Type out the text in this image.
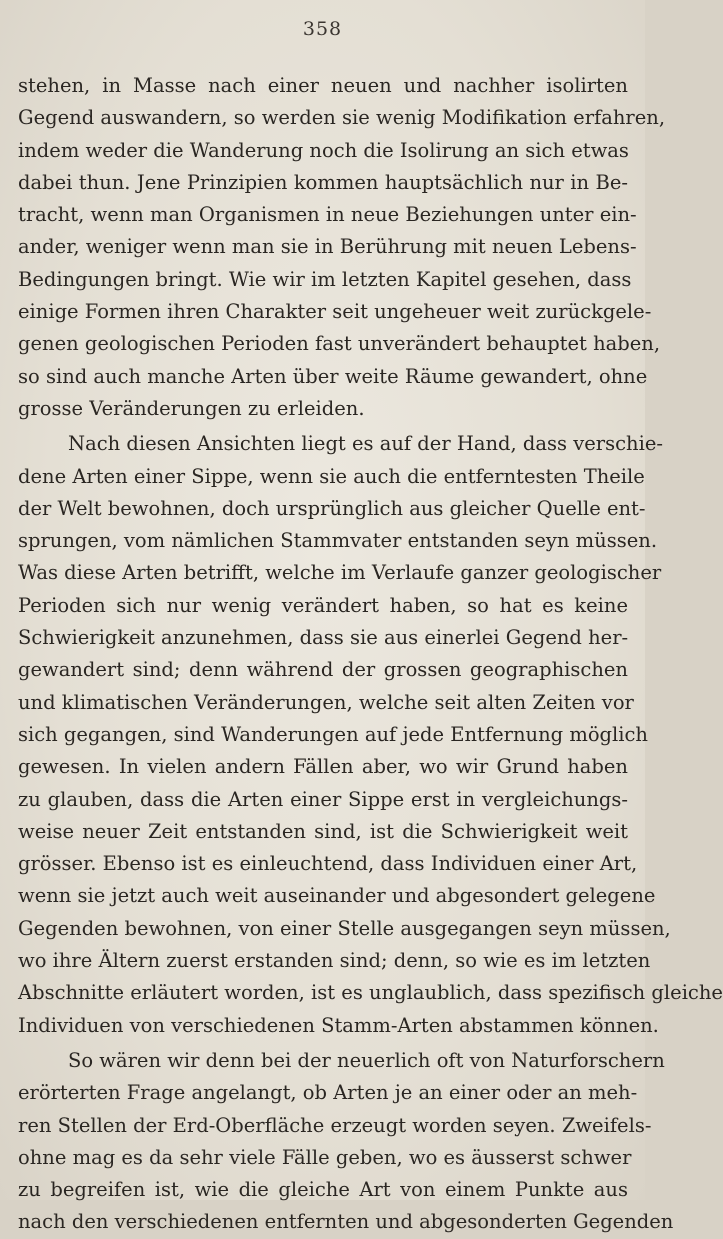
358
stehen, in Masse nach einer neuen und nachher isolirten
Gegend auswandern, so werden sie wenig Modifikation erfahren,
indem weder die Wanderung noch die Isolirung an sich etwas
dabei thun. Jene Prinzipien kommen hauptsächlich nur in Be-
tracht, wenn man Organismen in neue Beziehungen unter ein-
ander, weniger wenn man sie in Berührung mit neuen Lebens-
Bedingungen bringt. Wie wir im letzten Kapitel gesehen, dass
einige Formen ihren Charakter seit ungeheuer weit zurückgele-
genen geologischen Perioden fast unverändert behauptet haben,
so sind auch manche Arten über weite Räume gewandert, ohne
grosse Veränderungen zu erleiden.
Nach diesen Ansichten liegt es auf der Hand, dass verschie-
dene Arten einer Sippe, wenn sie auch die entferntesten Theile
der Welt bewohnen, doch ursprünglich aus gleicher Quelle ent-
sprungen, vom nämlichen Stammvater entstanden seyn müssen.
Was diese Arten betrifft, welche im Verlaufe ganzer geologischer
Perioden sich nur wenig verändert haben, so hat es keine
Schwierigkeit anzunehmen, dass sie aus einerlei Gegend her-
gewandert sind; denn während der grossen geographischen
und klimatischen Veränderungen, welche seit alten Zeiten vor
sich gegangen, sind Wanderungen auf jede Entfernung möglich
gewesen. In vielen andern Fällen aber, wo wir Grund haben
zu glauben, dass die Arten einer Sippe erst in vergleichungs-
weise neuer Zeit entstanden sind, ist die Schwierigkeit weit
grösser. Ebenso ist es einleuchtend, dass Individuen einer Art,
wenn sie jetzt auch weit auseinander und abgesondert gelegene
Gegenden bewohnen, von einer Stelle ausgegangen seyn müssen,
wo ihre Ältern zuerst erstanden sind; denn, so wie es im letzten
Abschnitte erläutert worden, ist es unglaublich, dass spezifisch gleiche
Individuen von verschiedenen Stamm-Arten abstammen können.
So wären wir denn bei der neuerlich oft von Naturforschern
erörterten Frage angelangt, ob Arten je an einer oder an meh-
ren Stellen der Erd-Oberfläche erzeugt worden seyen. Zweifels-
ohne mag es da sehr viele Fälle geben, wo es äusserst schwer
zu begreifen ist, wie die gleiche Art von einem Punkte aus
nach den verschiedenen entfernten und abgesonderten Gegenden
